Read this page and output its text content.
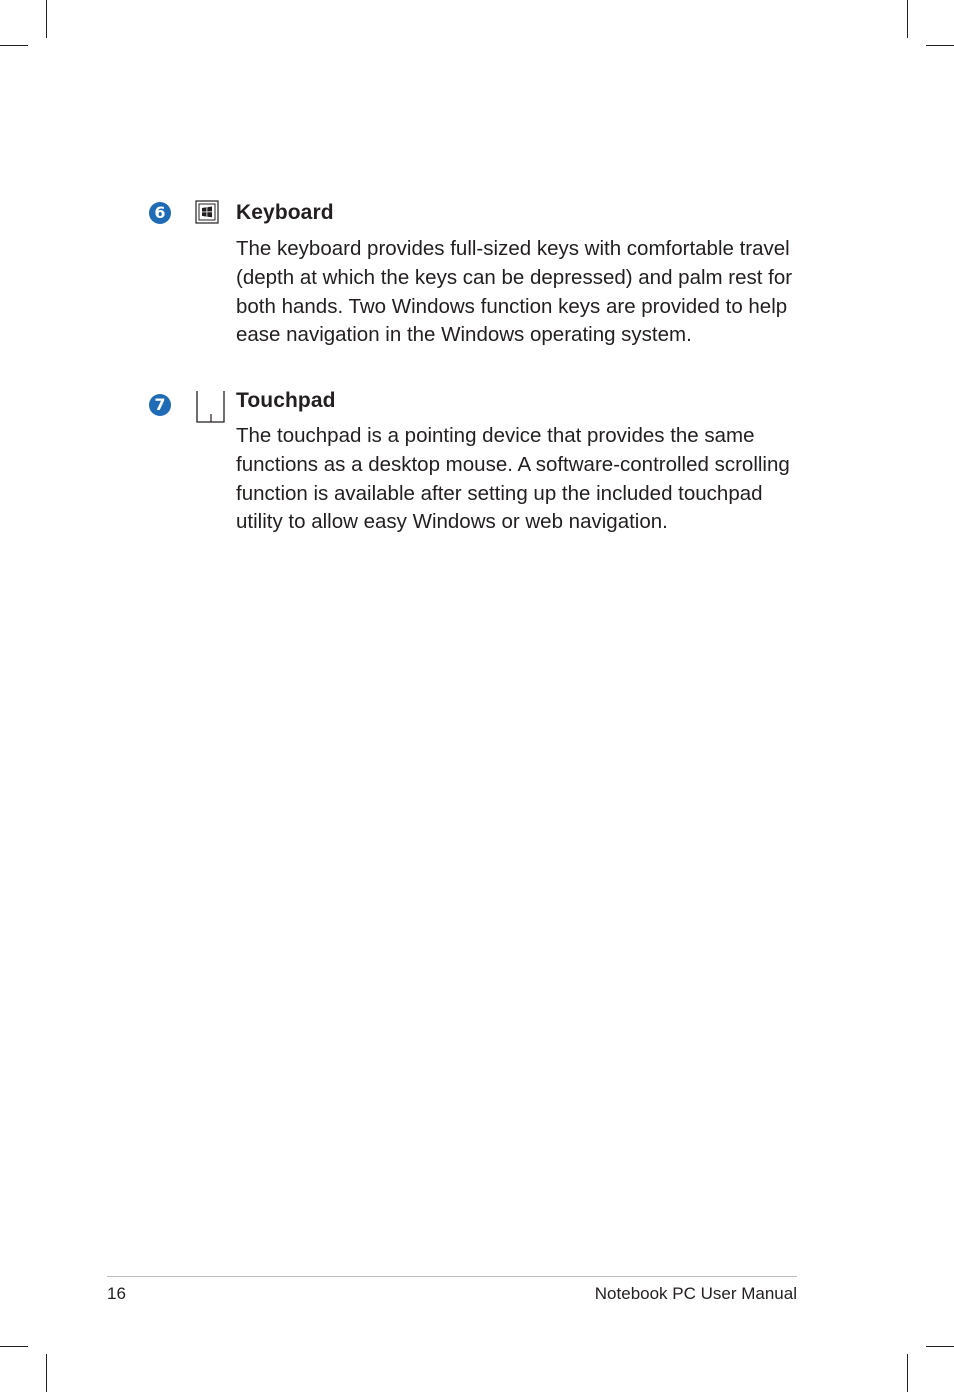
6	Keyboard
The keyboard provides full-sized keys with comfortable travel (depth at which the keys can be depressed) and palm rest for both hands. Two Windows function keys are provided to help ease navigation in the Windows operating system.
7	Touchpad
The touchpad is a pointing device that provides the same functions as a desktop mouse. A software-controlled scrolling function is available after setting up the included touchpad utility to allow easy Windows or web navigation.
16	Notebook PC User Manual
